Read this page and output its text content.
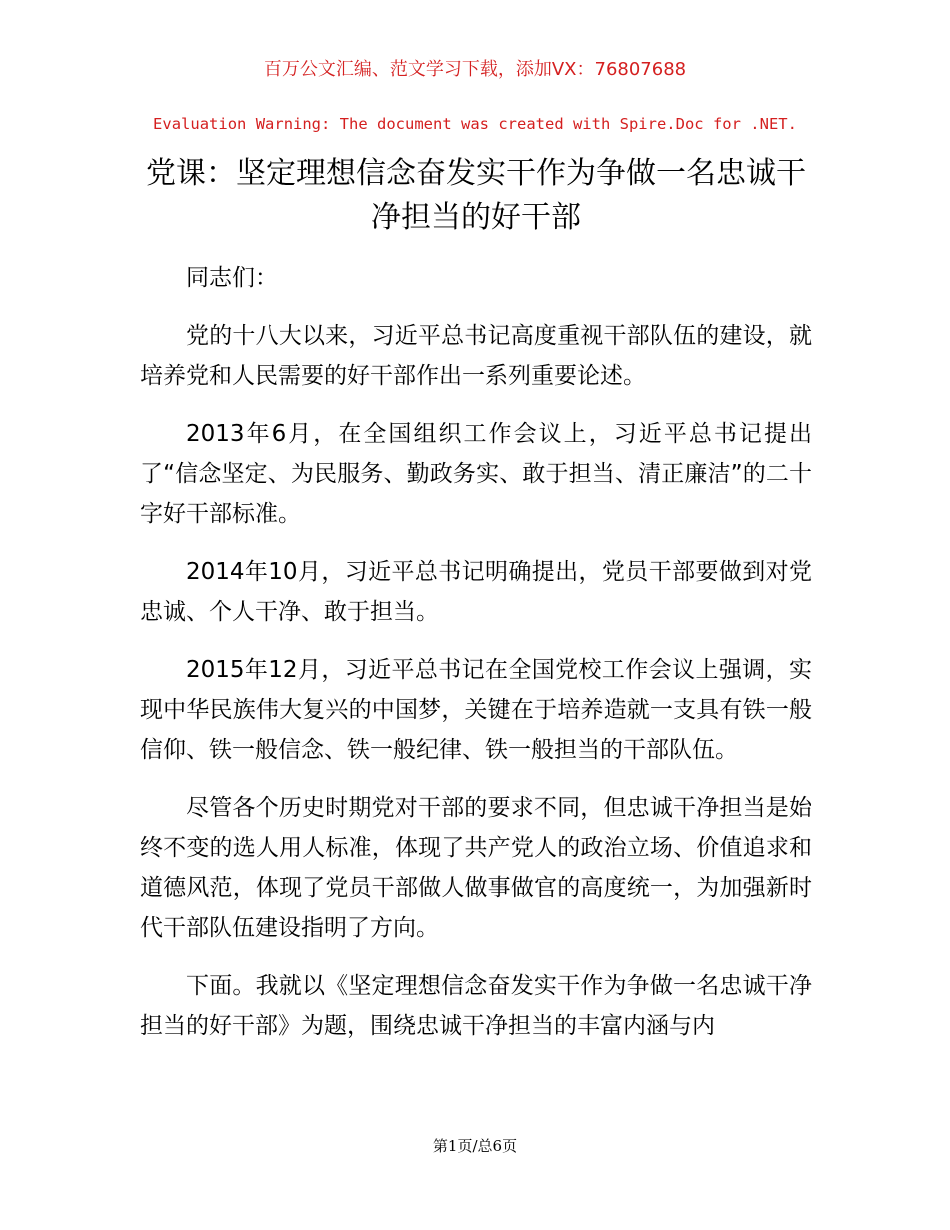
百万公文汇编、范文学习下载，添加VX：76807688
Evaluation Warning: The document was created with Spire.Doc for .NET.
党课：坚定理想信念奋发实干作为争做一名忠诚干净担当的好干部

同志们：

党的十八大以来，习近平总书记高度重视干部队伍的建设，就培养党和人民需要的好干部作出一系列重要论述。

2013年6月，在全国组织工作会议上，习近平总书记提出了“信念坚定、为民服务、勤政务实、敢于担当、清正廉洁”的二十字好干部标准。

2014年10月，习近平总书记明确提出，党员干部要做到对党忠诚、个人干净、敢于担当。

2015年12月，习近平总书记在全国党校工作会议上强调，实现中华民族伟大复兴的中国梦，关键在于培养造就一支具有铁一般信仰、铁一般信念、铁一般纪律、铁一般担当的干部队伍。

尽管各个历史时期党对干部的要求不同，但忠诚干净担当是始终不变的选人用人标准，体现了共产党人的政治立场、价值追求和道德风范，体现了党员干部做人做事做官的高度统一，为加强新时代干部队伍建设指明了方向。

下面。我就以《坚定理想信念奋发实干作为争做一名忠诚干净担当的好干部》为题，围绕忠诚干净担当的丰富内涵与内

第1页/总6页
